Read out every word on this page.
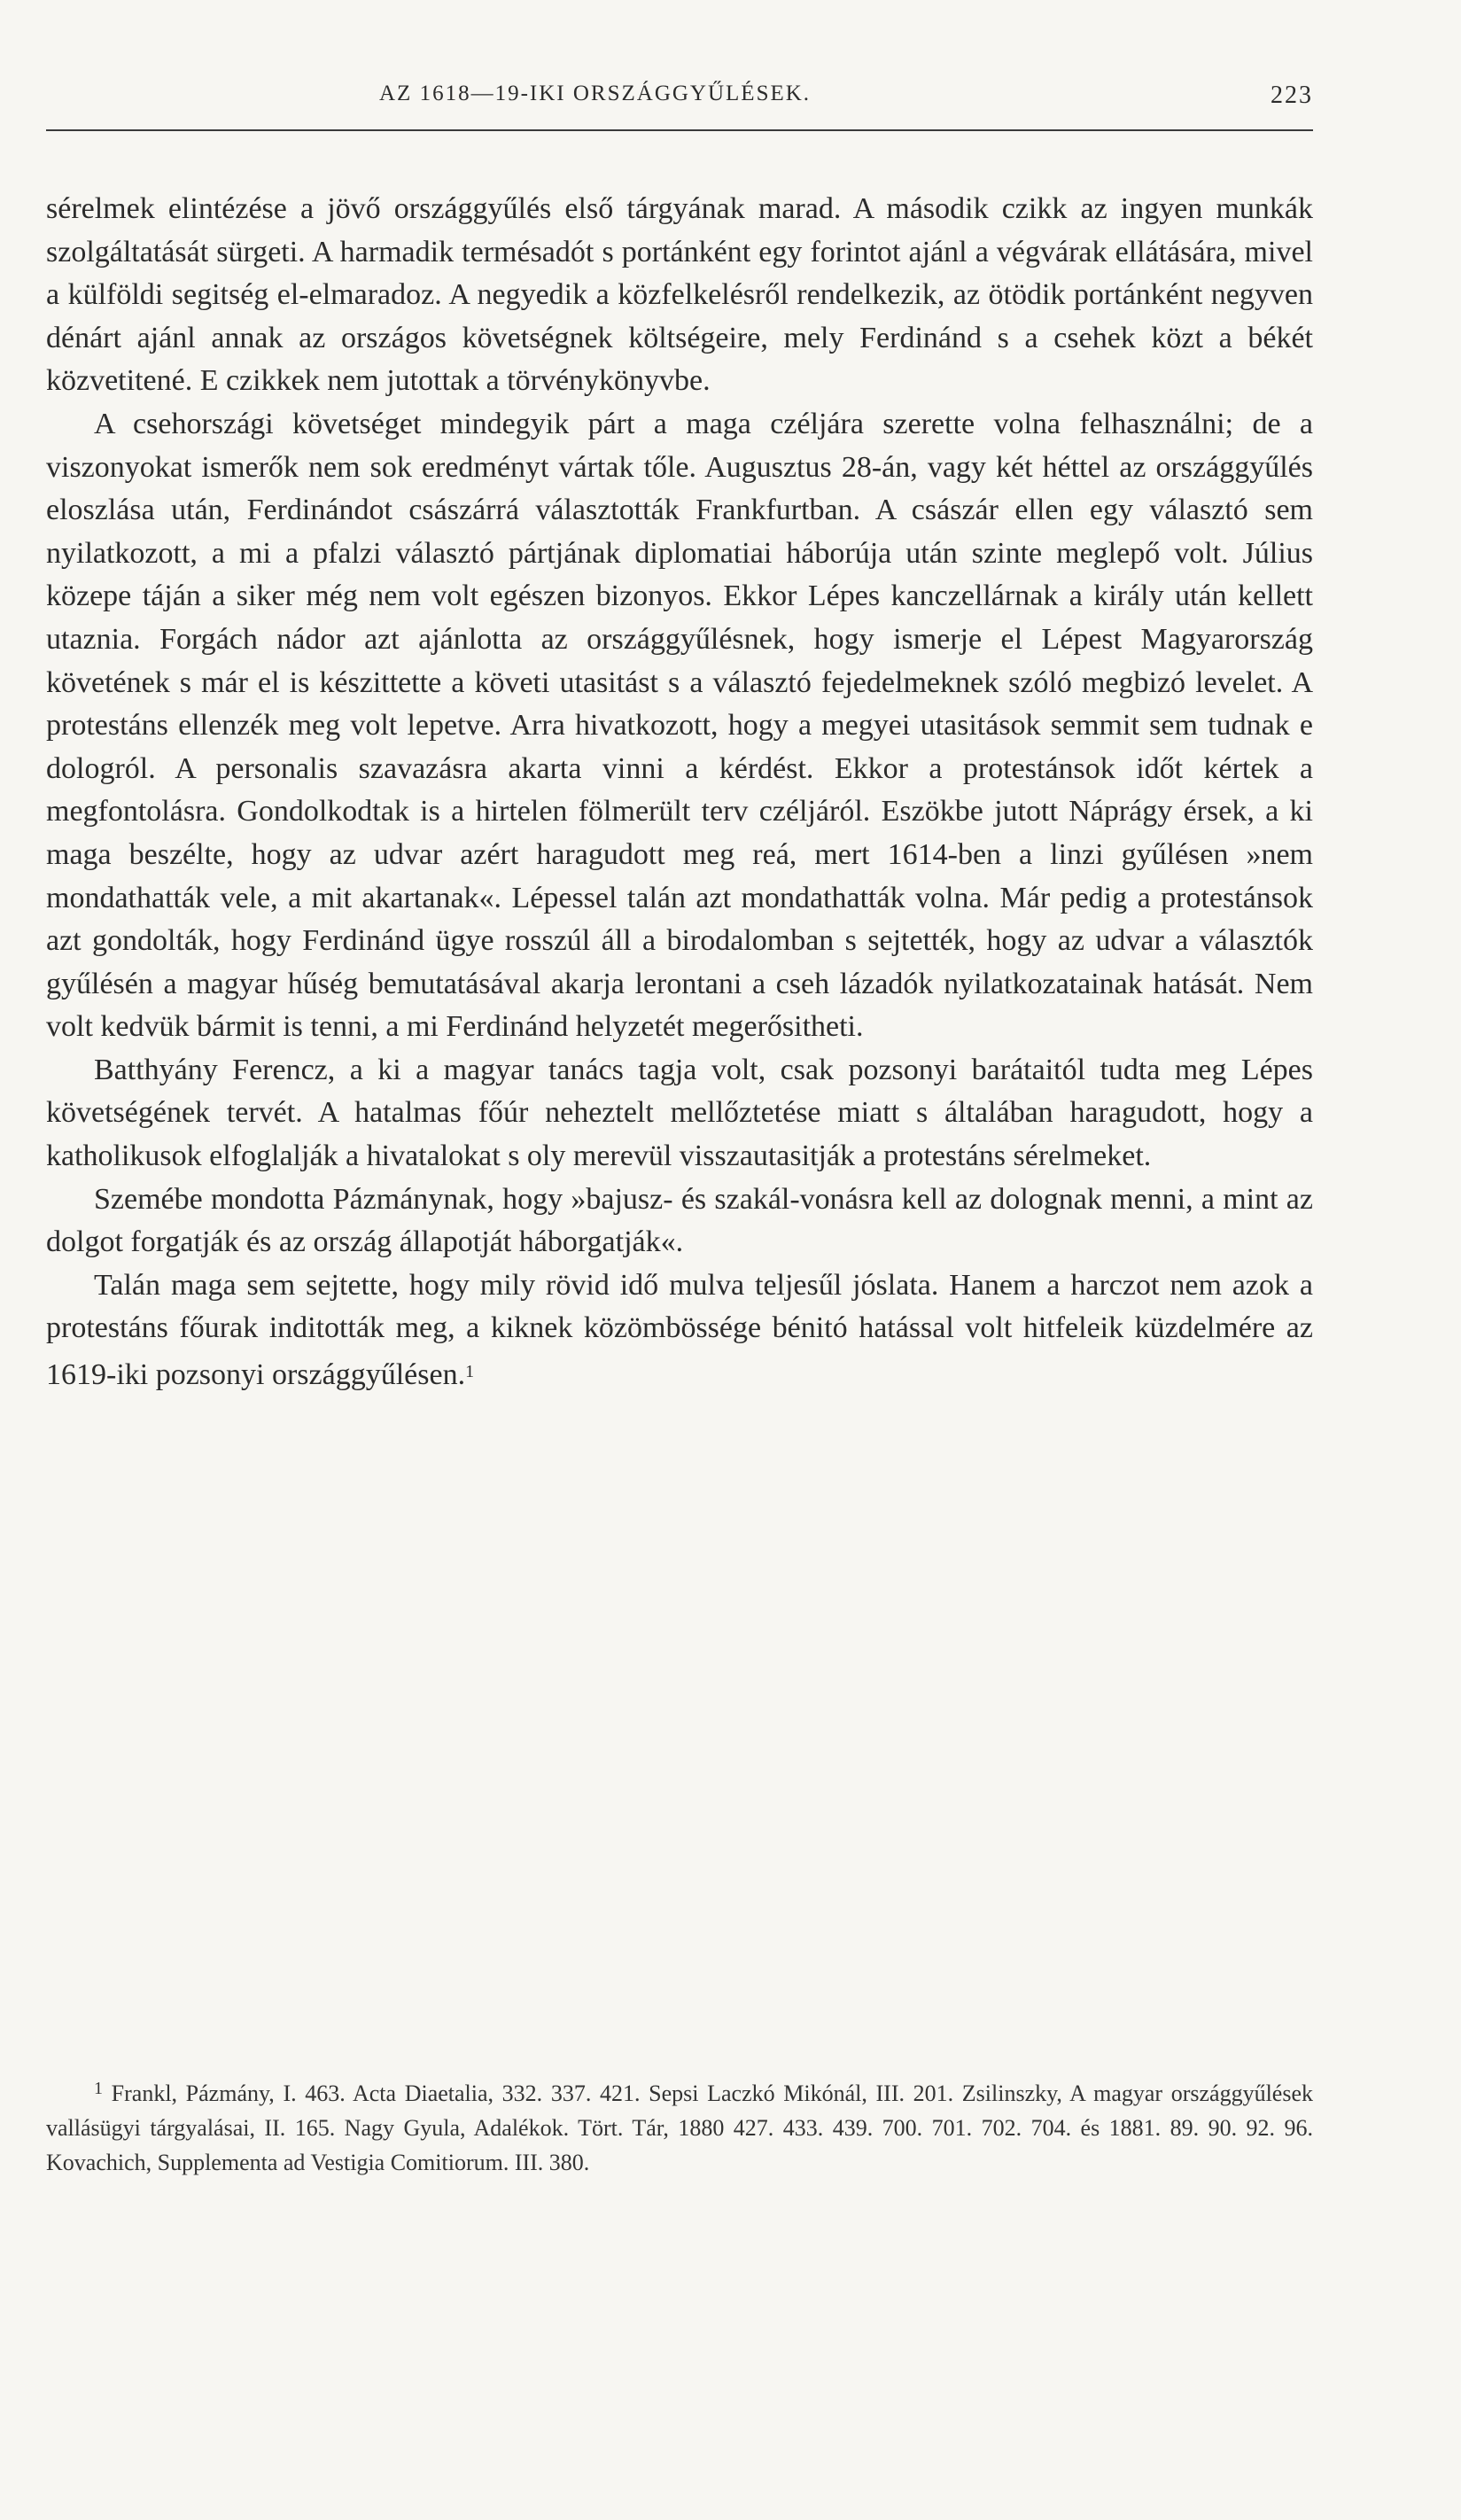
AZ 1618—19-IKI ORSZÁGGYŰLÉSEK.	223

sérelmek elintézése a jövő országgyűlés első tárgyának marad. A második czikk az ingyen munkák szolgáltatását sürgeti. A harmadik termésadót s portánként egy forintot ajánl a végvárak ellátására, mivel a külföldi segitség el-elmaradoz. A negyedik a közfelkelésről rendelkezik, az ötödik portánként negyven dénárt ajánl annak az országos követségnek költségeire, mely Ferdinánd s a csehek közt a békét közvetitené. E czikkek nem jutottak a törvénykönyvbe.

A csehországi követséget mindegyik párt a maga czéljára szerette volna felhasználni; de a viszonyokat ismerők nem sok eredményt vártak tőle. Augusztus 28-án, vagy két héttel az országgyűlés eloszlása után, Ferdinándot császárrá választották Frankfurtban. A császár ellen egy választó sem nyilatkozott, a mi a pfalzi választó pártjának diplomatiai háborúja után szinte meglepő volt. Július közepe táján a siker még nem volt egészen bizonyos. Ekkor Lépes kanczellárnak a király után kellett utaznia. Forgách nádor azt ajánlotta az országgyűlésnek, hogy ismerje el Lépest Magyarország követének s már el is készittette a követi utasitást s a választó fejedelmeknek szóló megbizó levelet. A protestáns ellenzék meg volt lepetve. Arra hivatkozott, hogy a megyei utasitások semmit sem tudnak e dologról. A personalis szavazásra akarta vinni a kérdést. Ekkor a protestánsok időt kértek a megfontolásra. Gondolkodtak is a hirtelen fölmerült terv czéljáról. Eszökbe jutott Náprágy érsek, a ki maga beszélte, hogy az udvar azért haragudott meg reá, mert 1614-ben a linzi gyűlésen »nem mondathatták vele, a mit akartanak«. Lépessel talán azt mondathatták volna. Már pedig a protestánsok azt gondolták, hogy Ferdinánd ügye rosszúl áll a birodalomban s sejtették, hogy az udvar a választók gyűlésén a magyar hűség bemutatásával akarja lerontani a cseh lázadók nyilatkozatainak hatását. Nem volt kedvük bármit is tenni, a mi Ferdinánd helyzetét megerősitheti.

Batthyány Ferencz, a ki a magyar tanács tagja volt, csak pozsonyi barátaitól tudta meg Lépes követségének tervét. A hatalmas főúr neheztelt mellőztetése miatt s általában haragudott, hogy a katholikusok elfoglalják a hivatalokat s oly merevül visszautasitják a protestáns sérelmeket.

Szemébe mondotta Pázmánynak, hogy »bajusz- és szakál-vonásra kell az dolognak menni, a mint az dolgot forgatják és az ország állapotját háborgatják«.

Talán maga sem sejtette, hogy mily rövid idő mulva teljesűl jóslata. Hanem a harczot nem azok a protestáns főurak inditották meg, a kiknek közömbössége bénitó hatással volt hitfeleik küzdelmére az 1619-iki pozsonyi országgyűlésen.$^1$

$^1$ Frankl, Pázmány, I. 463. Acta Diaetalia, 332. 337. 421. Sepsi Laczkó Mikónál, III. 201. Zsilinszky, A magyar országgyűlések vallásügyi tárgyalásai, II. 165. Nagy Gyula, Adalékok. Tört. Tár, 1880 427. 433. 439. 700. 701. 702. 704. és 1881. 89. 90. 92. 96. Kovachich, Supplementa ad Vestigia Comitiorum. III. 380.
